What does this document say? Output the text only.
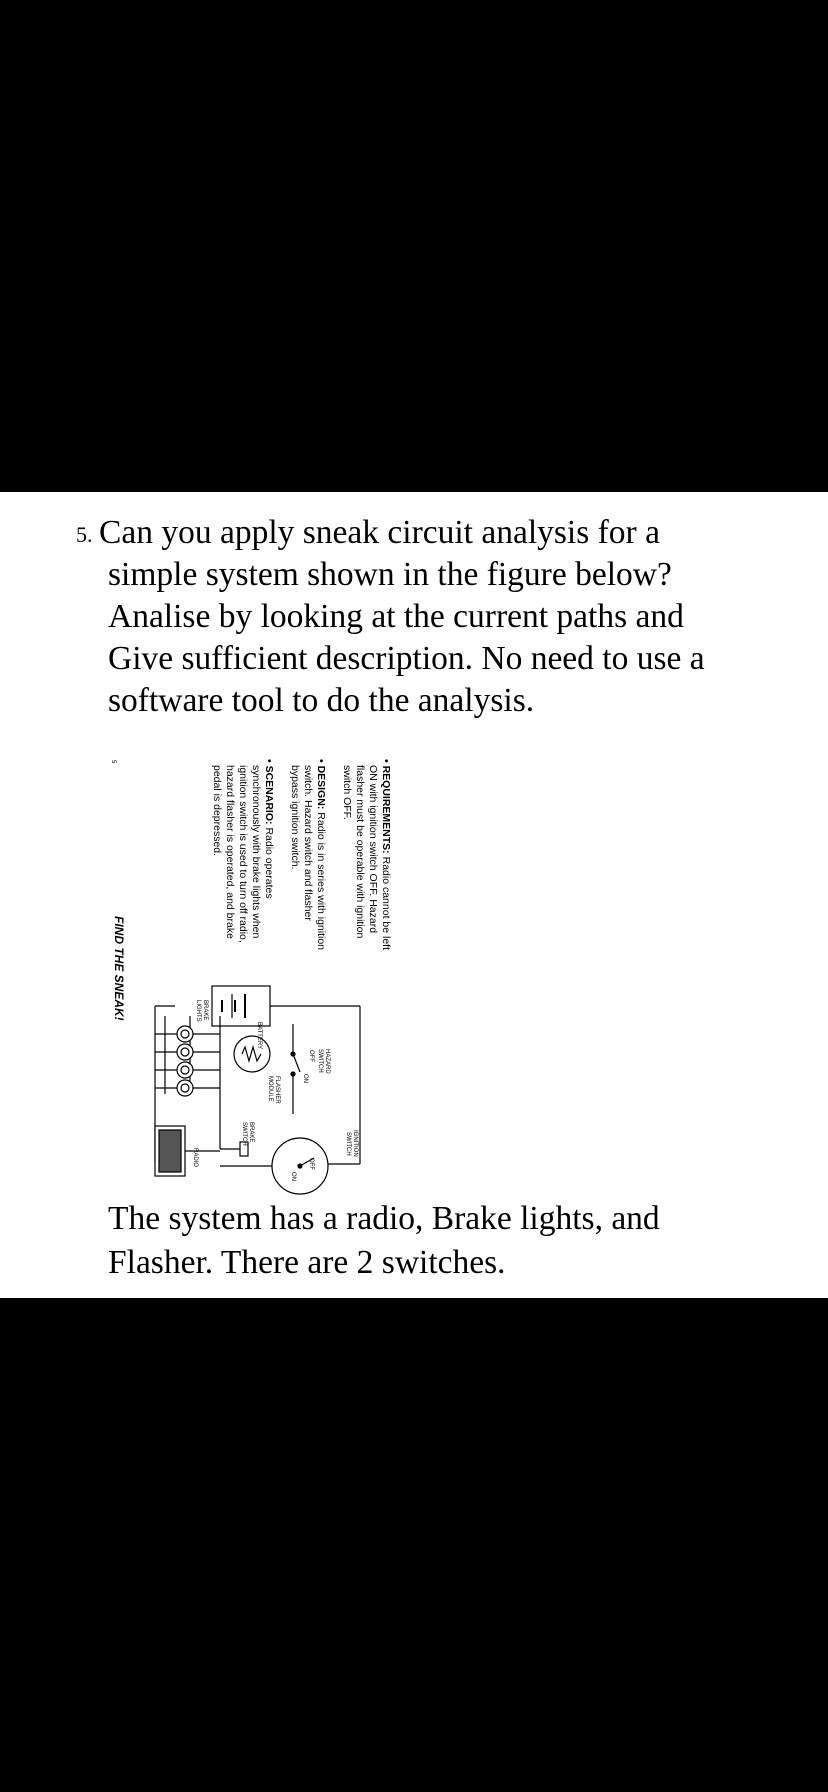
5. Can you apply sneak circuit analysis for a
simple system shown in the figure below?
Analise by looking at the current paths and
Give sufficient description. No need to use a
software tool to do the analysis.
5	• REQUIREMENTS: Radio cannot be left
ON with ignition switch OFF. Hazard
flasher must be operable with ignition
switch OFF.
• DESIGN: Radio is in series with ignition
switch. Hazard switch and flasher
bypass ignition switch.
• SCENARIO: Radio operates
synchronously with brake lights when
ignition switch is used to turn off radio,
hazard flasher is operated, and brake
pedal is depressed.
FIND THE SNEAK!
IGNITION
SWITCH
HAZARD
SWITCH
OFF
ON
FLASHER
MODULE
BRAKE
SWITCH
BATTERY
BRAKE
LIGHTS
RADIO	OFF
ON
The system has a radio, Brake lights, and
Flasher. There are 2 switches.
